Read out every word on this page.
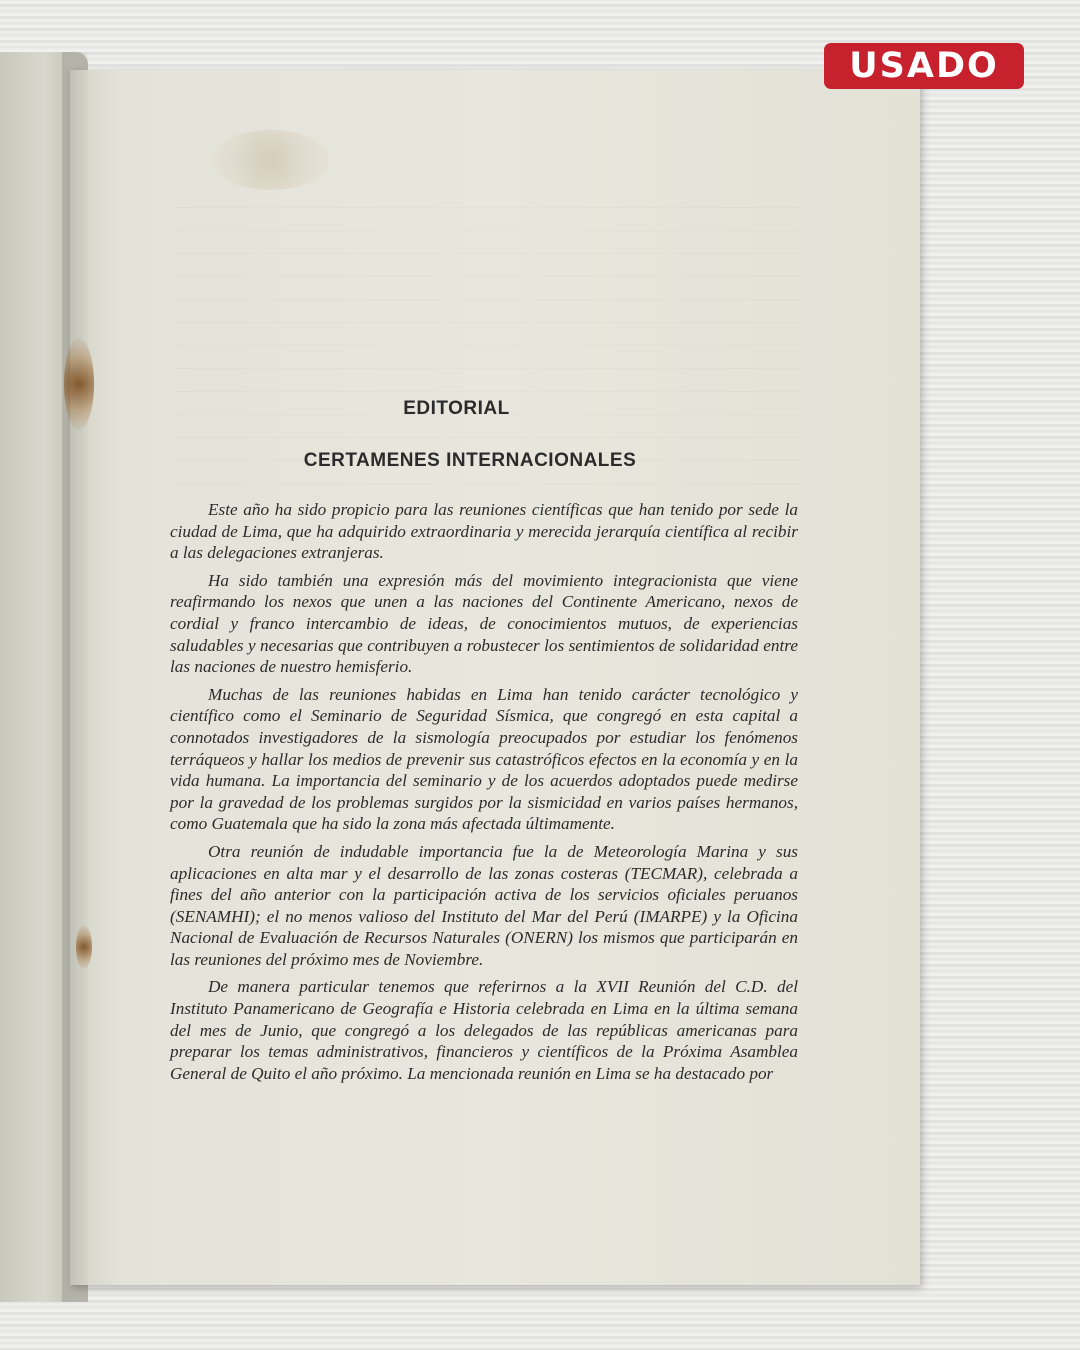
USADO
EDITORIAL
CERTAMENES INTERNACIONALES

Este año ha sido propicio para las reuniones científicas que han tenido por sede la ciudad de Lima, que ha adquirido extraordinaria y merecida jerarquía científica al recibir a las delegaciones extranjeras.

Ha sido también una expresión más del movimiento integracionista que viene reafirmando los nexos que unen a las naciones del Continente Americano, nexos de cordial y franco intercambio de ideas, de conocimientos mutuos, de experiencias saludables y necesarias que contribuyen a robustecer los sentimientos de solidaridad entre las naciones de nuestro hemisferio.

Muchas de las reuniones habidas en Lima han tenido carácter tecnológico y científico como el Seminario de Seguridad Sísmica, que congregó en esta capital a connotados investigadores de la sismología preocupados por estudiar los fenómenos terráqueos y hallar los medios de prevenir sus catastróficos efectos en la economía y en la vida humana. La importancia del seminario y de los acuerdos adoptados puede medirse por la gravedad de los problemas surgidos por la sismicidad en varios países hermanos, como Guatemala que ha sido la zona más afectada últimamente.

Otra reunión de indudable importancia fue la de Meteorología Marina y sus aplicaciones en alta mar y el desarrollo de las zonas costeras (TECMAR), celebrada a fines del año anterior con la participación activa de los servicios oficiales peruanos (SENAMHI); el no menos valioso del Instituto del Mar del Perú (IMARPE) y la Oficina Nacional de Evaluación de Recursos Naturales (ONERN) los mismos que participarán en las reuniones del próximo mes de Noviembre.

De manera particular tenemos que referirnos a la XVII Reunión del C.D. del Instituto Panamericano de Geografía e Historia celebrada en Lima en la última semana del mes de Junio, que congregó a los delegados de las repúblicas americanas para preparar los temas administrativos, financieros y científicos de la Próxima Asamblea General de Quito el año próximo. La mencionada reunión en Lima se ha destacado por
